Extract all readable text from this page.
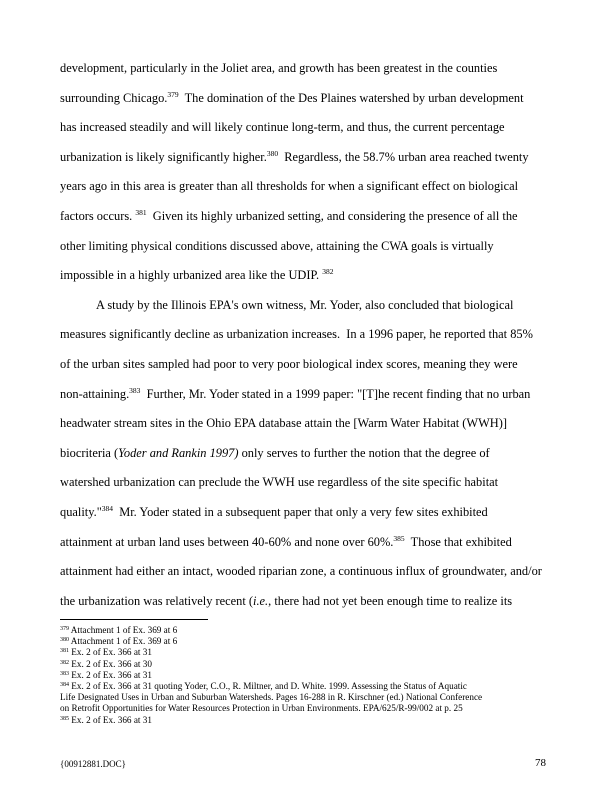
development, particularly in the Joliet area, and growth has been greatest in the counties
surrounding Chicago.$^{379}$  The domination of the Des Plaines watershed by urban development
has increased steadily and will likely continue long-term, and thus, the current percentage
urbanization is likely significantly higher.$^{380}$  Regardless, the 58.7% urban area reached twenty
years ago in this area is greater than all thresholds for when a significant effect on biological
factors occurs. $^{381}$  Given its highly urbanized setting, and considering the presence of all the
other limiting physical conditions discussed above, attaining the CWA goals is virtually
impossible in a highly urbanized area like the UDIP. $^{382}$
A study by the Illinois EPA's own witness, Mr. Yoder, also concluded that biological
measures significantly decline as urbanization increases.  In a 1996 paper, he reported that 85%
of the urban sites sampled had poor to very poor biological index scores, meaning they were
non-attaining.$^{383}$  Further, Mr. Yoder stated in a 1999 paper: "[T]he recent finding that no urban
headwater stream sites in the Ohio EPA database attain the [Warm Water Habitat (WWH)]
biocriteria (Yoder and Rankin 1997) only serves to further the notion that the degree of
watershed urbanization can preclude the WWH use regardless of the site specific habitat
quality."$^{384}$  Mr. Yoder stated in a subsequent paper that only a very few sites exhibited
attainment at urban land uses between 40-60% and none over 60%.$^{385}$  Those that exhibited
attainment had either an intact, wooded riparian zone, a continuous influx of groundwater, and/or
the urbanization was relatively recent (i.e., there had not yet been enough time to realize its
$^{379}$ Attachment 1 of Ex. 369 at 6
$^{380}$ Attachment 1 of Ex. 369 at 6
$^{381}$ Ex. 2 of Ex. 366 at 31
$^{382}$ Ex. 2 of Ex. 366 at 30
$^{383}$ Ex. 2 of Ex. 366 at 31
$^{384}$ Ex. 2 of Ex. 366 at 31 quoting Yoder, C.O., R. Miltner, and D. White. 1999. Assessing the Status of Aquatic
Life Designated Uses in Urban and Suburban Watersheds. Pages 16-288 in R. Kirschner (ed.) National Conference
on Retrofit Opportunities for Water Resources Protection in Urban Environments. EPA/625/R-99/002 at p. 25
$^{385}$ Ex. 2 of Ex. 366 at 31
{00912881.DOC}	78
